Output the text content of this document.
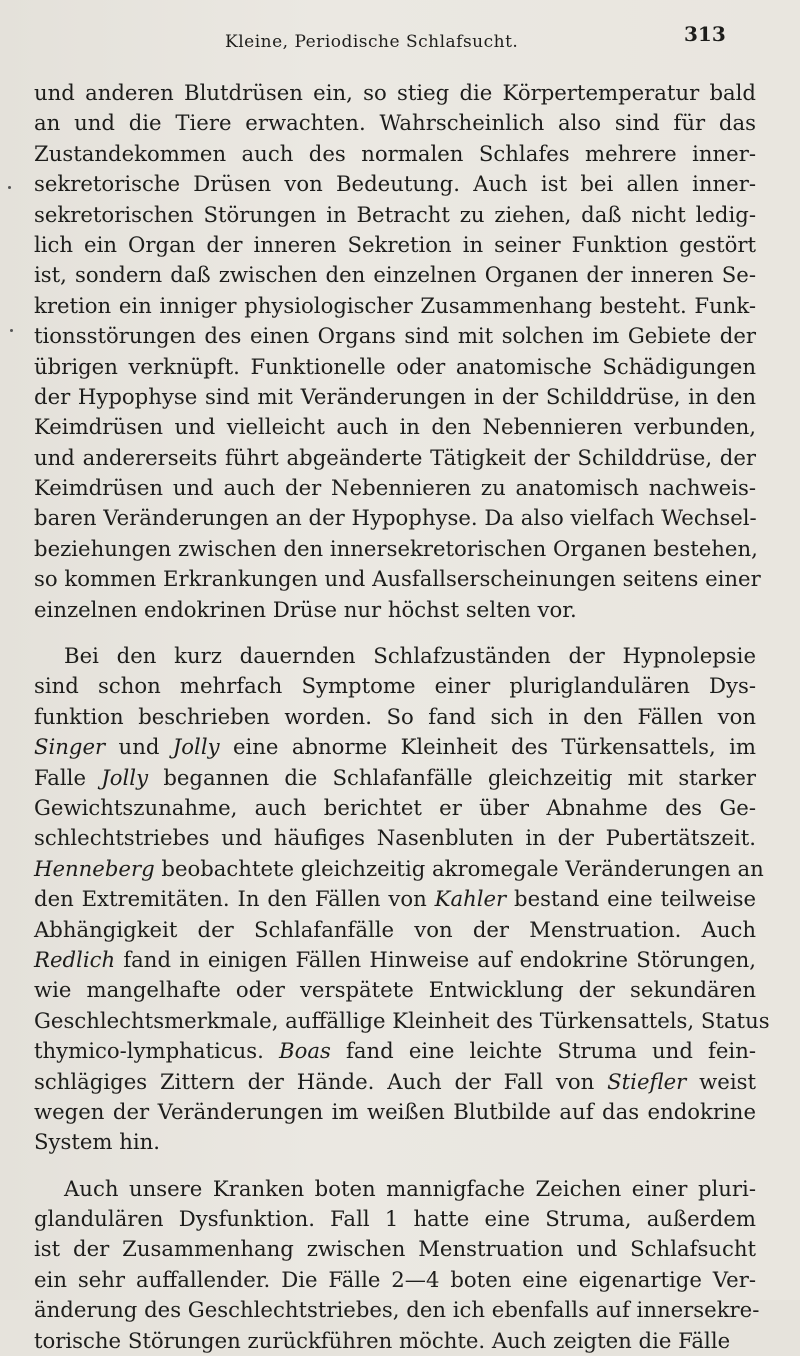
Kleine, Periodische Schlafsucht.	313
und anderen Blutdrüsen ein, so stieg die Körpertemperatur bald
an und die Tiere erwachten. Wahrscheinlich also sind für das
Zustandekommen auch des normalen Schlafes mehrere inner-
sekretorische Drüsen von Bedeutung. Auch ist bei allen inner-
sekretorischen Störungen in Betracht zu ziehen, daß nicht ledig-
lich ein Organ der inneren Sekretion in seiner Funktion gestört
ist, sondern daß zwischen den einzelnen Organen der inneren Se-
kretion ein inniger physiologischer Zusammenhang besteht. Funk-
tionsstörungen des einen Organs sind mit solchen im Gebiete der
übrigen verknüpft. Funktionelle oder anatomische Schädigungen
der Hypophyse sind mit Veränderungen in der Schilddrüse, in den
Keimdrüsen und vielleicht auch in den Nebennieren verbunden,
und andererseits führt abgeänderte Tätigkeit der Schilddrüse, der
Keimdrüsen und auch der Nebennieren zu anatomisch nachweis-
baren Veränderungen an der Hypophyse. Da also vielfach Wechsel-
beziehungen zwischen den innersekretorischen Organen bestehen,
so kommen Erkrankungen und Ausfallserscheinungen seitens einer
einzelnen endokrinen Drüse nur höchst selten vor.
Bei den kurz dauernden Schlafzuständen der Hypnolepsie
sind schon mehrfach Symptome einer pluriglandulären Dys-
funktion beschrieben worden. So fand sich in den Fällen von
Singer und Jolly eine abnorme Kleinheit des Türkensattels, im
Falle Jolly begannen die Schlafanfälle gleichzeitig mit starker
Gewichtszunahme, auch berichtet er über Abnahme des Ge-
schlechtstriebes und häufiges Nasenbluten in der Pubertätszeit.
Henneberg beobachtete gleichzeitig akromegale Veränderungen an
den Extremitäten. In den Fällen von Kahler bestand eine teilweise
Abhängigkeit der Schlafanfälle von der Menstruation. Auch
Redlich fand in einigen Fällen Hinweise auf endokrine Störungen,
wie mangelhafte oder verspätete Entwicklung der sekundären
Geschlechtsmerkmale, auffällige Kleinheit des Türkensattels, Status
thymico-lymphaticus. Boas fand eine leichte Struma und fein-
schlägiges Zittern der Hände. Auch der Fall von Stiefler weist
wegen der Veränderungen im weißen Blutbilde auf das endokrine
System hin.
Auch unsere Kranken boten mannigfache Zeichen einer pluri-
glandulären Dysfunktion. Fall 1 hatte eine Struma, außerdem
ist der Zusammenhang zwischen Menstruation und Schlafsucht
ein sehr auffallender. Die Fälle 2—4 boten eine eigenartige Ver-
änderung des Geschlechtstriebes, den ich ebenfalls auf innersekre-
torische Störungen zurückführen möchte. Auch zeigten die Fälle
